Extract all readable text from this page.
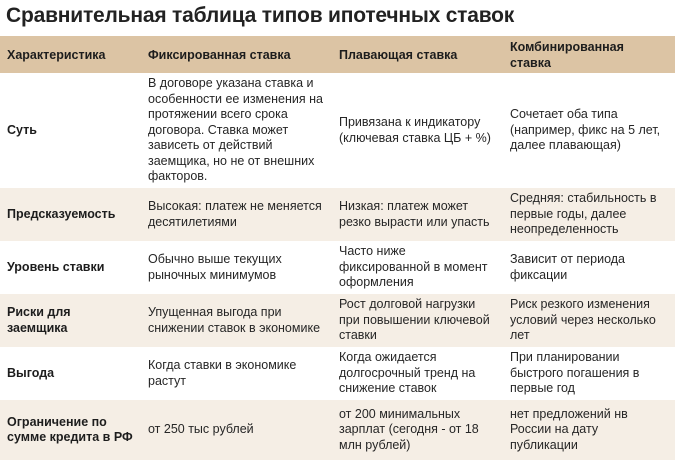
Сравнительная таблица типов ипотечных ставок
Характеристика	Фиксированная ставка	Плавающая ставка	Комбинированная ставка
Суть	В договоре указана ставка и особенности ее изменения на протяжении всего срока договора. Ставка может зависеть от действий заемщика, но не от внешних факторов.	Привязана к индикатору (ключевая ставка ЦБ + %)	Сочетает оба типа (например, фикс на 5 лет, далее плавающая)
Предсказуемость	Высокая: платеж не меняется десятилетиями	Низкая: платеж может резко вырасти или упасть	Средняя: стабильность в первые годы, далее неопределенность
Уровень ставки	Обычно выше текущих рыночных минимумов	Часто ниже фиксированной в момент оформления	Зависит от периода фиксации
Риски для заемщика	Упущенная выгода при снижении ставок в экономике	Рост долговой нагрузки при повышении ключевой ставки	Риск резкого изменения условий через несколько лет
Выгода	Когда ставки в экономике растут	Когда ожидается долгосрочный тренд на снижение ставок	При планировании быстрого погашения в первые год
Ограничение по сумме кредита в РФ	от 250 тыс рублей	от 200 минимальных зарплат (сегодня - от 18 млн рублей)	нет предложений нв России на дату публикации
